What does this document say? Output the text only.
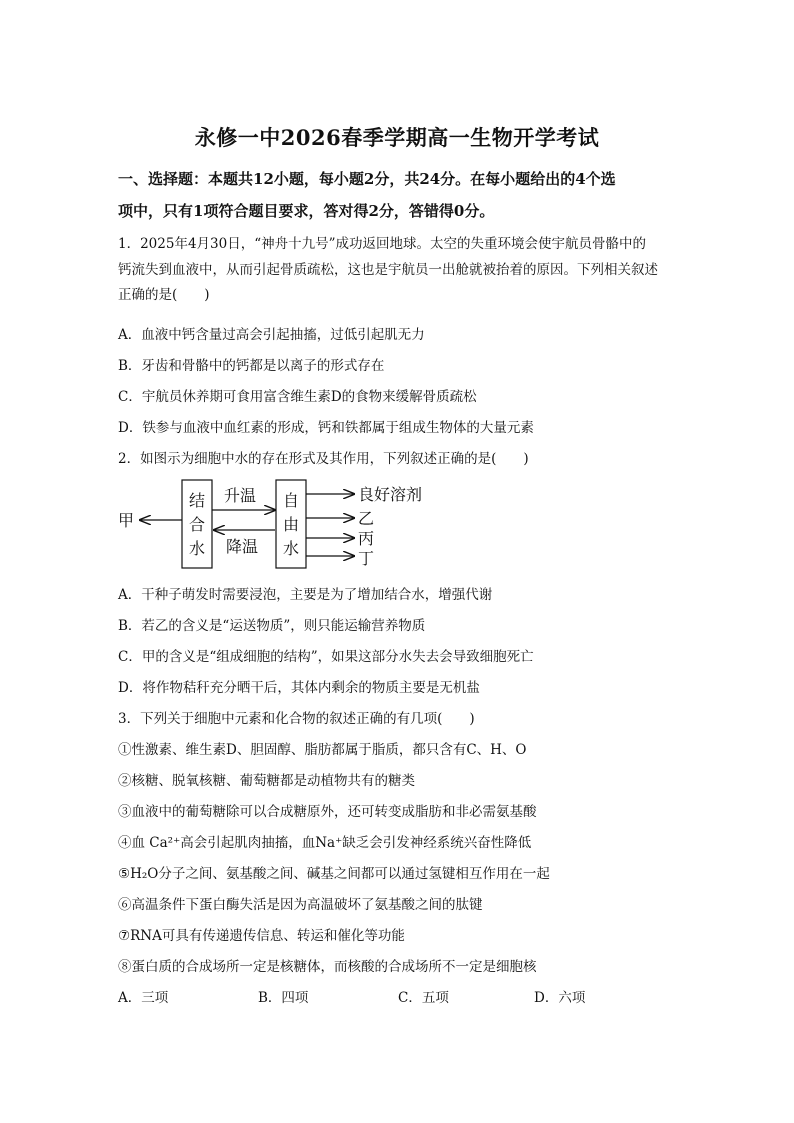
永修一中2026春季学期高一生物开学考试
一、选择题：本题共12小题，每小题2分，共24分。在每小题给出的4个选
项中，只有1项符合题目要求，答对得2分，答错得0分。
1．2025年4月30日，“神舟十九号”成功返回地球。太空的失重环境会使宇航员骨骼中的
钙流失到血液中，从而引起骨质疏松，这也是宇航员一出舱就被抬着的原因。下列相关叙述
正确的是(　　)
A．血液中钙含量过高会引起抽搐，过低引起肌无力
B．牙齿和骨骼中的钙都是以离子的形式存在
C．宇航员休养期可食用富含维生素D的食物来缓解骨质疏松
D．铁参与血液中血红素的形成，钙和铁都属于组成生物体的大量元素
2．如图示为细胞中水的存在形式及其作用，下列叙述正确的是(　　)
甲
结
合
水
升温
降温
自
由
水
良好溶剂
乙
丙
丁
A．干种子萌发时需要浸泡，主要是为了增加结合水，增强代谢
B．若乙的含义是“运送物质”，则只能运输营养物质
C．甲的含义是“组成细胞的结构”，如果这部分水失去会导致细胞死亡
D．将作物秸秆充分晒干后，其体内剩余的物质主要是无机盐
3．下列关于细胞中元素和化合物的叙述正确的有几项(　　)
①性激素、维生素D、胆固醇、脂肪都属于脂质，都只含有C、H、O
②核糖、脱氧核糖、葡萄糖都是动植物共有的糖类
③血液中的葡萄糖除可以合成糖原外，还可转变成脂肪和非必需氨基酸
④血 Ca²⁺高会引起肌肉抽搐，血Na⁺缺乏会引发神经系统兴奋性降低
⑤H₂O分子之间、氨基酸之间、碱基之间都可以通过氢键相互作用在一起
⑥高温条件下蛋白酶失活是因为高温破坏了氨基酸之间的肽键
⑦RNA可具有传递遗传信息、转运和催化等功能
⑧蛋白质的合成场所一定是核糖体，而核酸的合成场所不一定是细胞核
A．三项	B．四项	C．五项	D．六项
